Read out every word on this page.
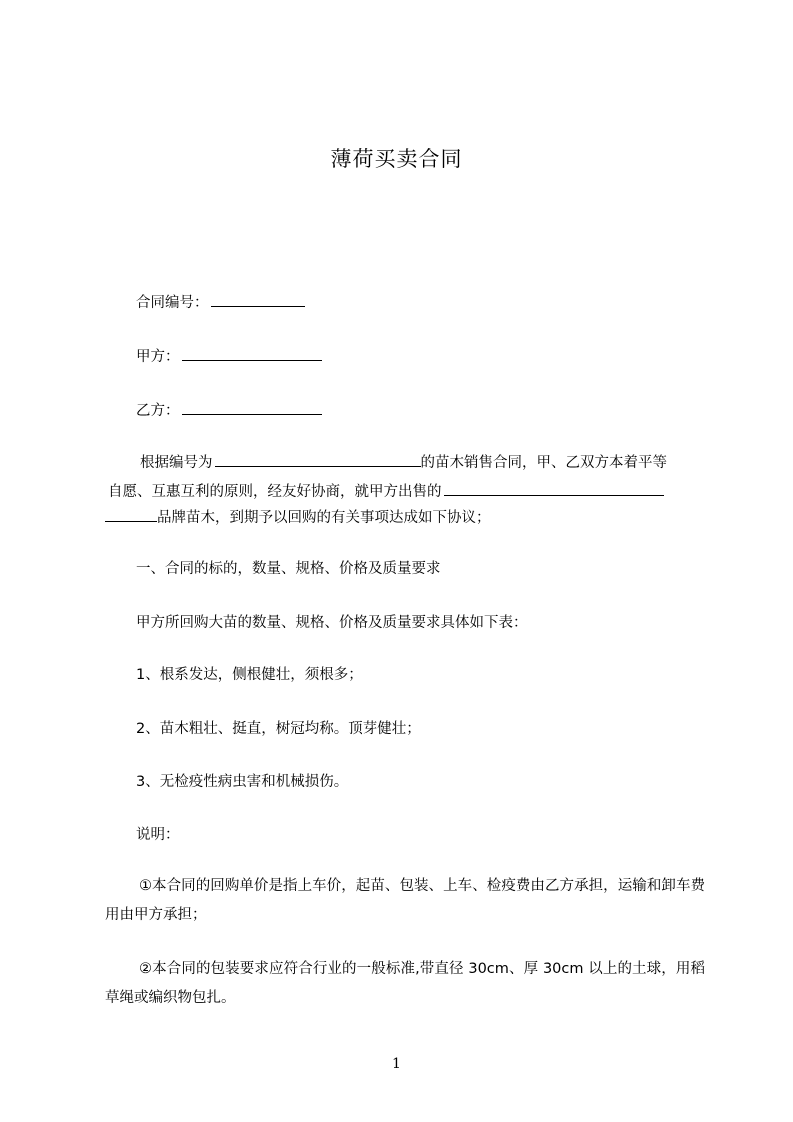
薄荷买卖合同
合同编号：
甲方：
乙方：
根据编号为	的苗木销售合同，甲、乙双方本着平等
自愿、互惠互利的原则，经友好协商，就甲方出售的
品牌苗木，到期予以回购的有关事项达成如下协议；
一、合同的标的，数量、规格、价格及质量要求
甲方所回购大苗的数量、规格、价格及质量要求具体如下表：
1、根系发达，侧根健壮，须根多；
2、苗木粗壮、挺直，树冠均称。顶芽健壮；
3、无检疫性病虫害和机械损伤。
说明：
①本合同的回购单价是指上车价，起苗、包装、上车、检疫费由乙方承担，运输和卸车费用由甲方承担；
②本合同的包装要求应符合行业的一般标准,带直径 30cm、厚 30cm 以上的土球，用稻草绳或编织物包扎。
1
